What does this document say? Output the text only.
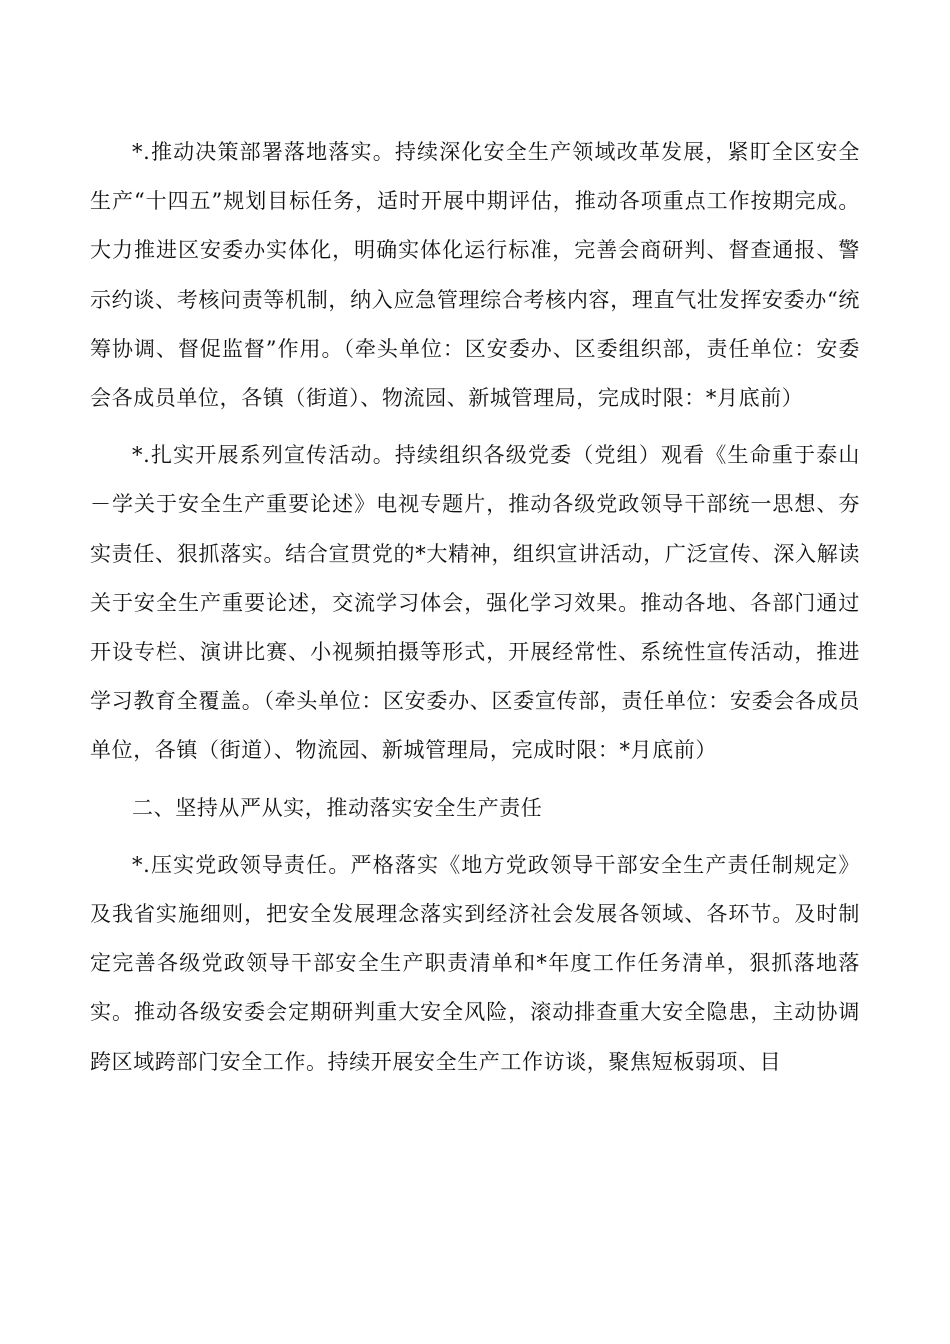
*.推动决策部署落地落实。持续深化安全生产领域改革发展，紧盯全区安全生产“十四五”规划目标任务，适时开展中期评估，推动各项重点工作按期完成。大力推进区安委办实体化，明确实体化运行标准，完善会商研判、督查通报、警示约谈、考核问责等机制，纳入应急管理综合考核内容，理直气壮发挥安委办“统筹协调、督促监督”作用。（牵头单位：区安委办、区委组织部，责任单位：安委会各成员单位，各镇（街道）、物流园、新城管理局，完成时限：*月底前）

*.扎实开展系列宣传活动。持续组织各级党委（党组）观看《生命重于泰山－学关于安全生产重要论述》电视专题片，推动各级党政领导干部统一思想、夯实责任、狠抓落实。结合宣贯党的*大精神，组织宣讲活动，广泛宣传、深入解读关于安全生产重要论述，交流学习体会，强化学习效果。推动各地、各部门通过开设专栏、演讲比赛、小视频拍摄等形式，开展经常性、系统性宣传活动，推进学习教育全覆盖。（牵头单位：区安委办、区委宣传部，责任单位：安委会各成员单位，各镇（街道）、物流园、新城管理局，完成时限：*月底前）

二、坚持从严从实，推动落实安全生产责任

*.压实党政领导责任。严格落实《地方党政领导干部安全生产责任制规定》及我省实施细则，把安全发展理念落实到经济社会发展各领域、各环节。及时制定完善各级党政领导干部安全生产职责清单和*年度工作任务清单，狠抓落地落实。推动各级安委会定期研判重大安全风险，滚动排查重大安全隐患，主动协调跨区域跨部门安全工作。持续开展安全生产工作访谈，聚焦短板弱项、目
